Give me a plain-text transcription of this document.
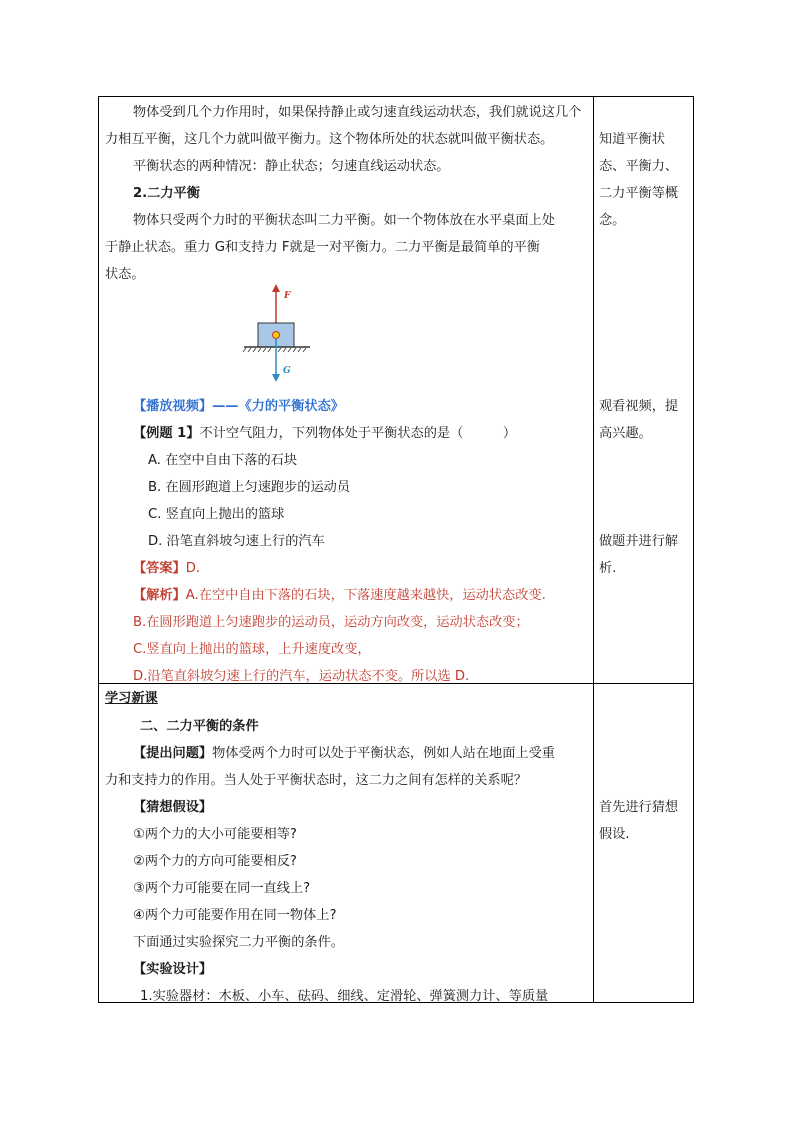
物体受到几个力作用时，如果保持静止或匀速直线运动状态，我们就说这几个
力相互平衡，这几个力就叫做平衡力。这个物体所处的状态就叫做平衡状态。
平衡状态的两种情况：静止状态；匀速直线运动状态。
2.二力平衡
物体只受两个力时的平衡状态叫二力平衡。如一个物体放在水平桌面上处
于静止状态。重力 G和支持力 F就是一对平衡力。二力平衡是最简单的平衡
状态。
F
G
【播放视频】——《力的平衡状态》
【例题 1】不计空气阻力，下列物体处于平衡状态的是（　　　）
A. 在空中自由下落的石块
B. 在圆形跑道上匀速跑步的运动员
C. 竖直向上抛出的篮球
D. 沿笔直斜坡匀速上行的汽车
【答案】D.
【解析】A.在空中自由下落的石块，下落速度越来越快，运动状态改变.
B.在圆形跑道上匀速跑步的运动员，运动方向改变，运动状态改变；
C.竖直向上抛出的篮球，上升速度改变，
D.沿笔直斜坡匀速上行的汽车，运动状态不变。所以选 D.
学习新课
二、二力平衡的条件
【提出问题】物体受两个力时可以处于平衡状态，例如人站在地面上受重
力和支持力的作用。当人处于平衡状态时，这二力之间有怎样的关系呢？
【猜想假设】
①两个力的大小可能要相等?
②两个力的方向可能要相反?
③两个力可能要在同一直线上?
④两个力可能要作用在同一物体上?
下面通过实验探究二力平衡的条件。
【实验设计】
1.实验器材：木板、小车、砝码、细线、定滑轮、弹簧测力计、等质量
知道平衡状
态、平衡力、
二力平衡等概
念。
观看视频，提
高兴趣。
做题并进行解
析.
首先进行猜想
假设.
